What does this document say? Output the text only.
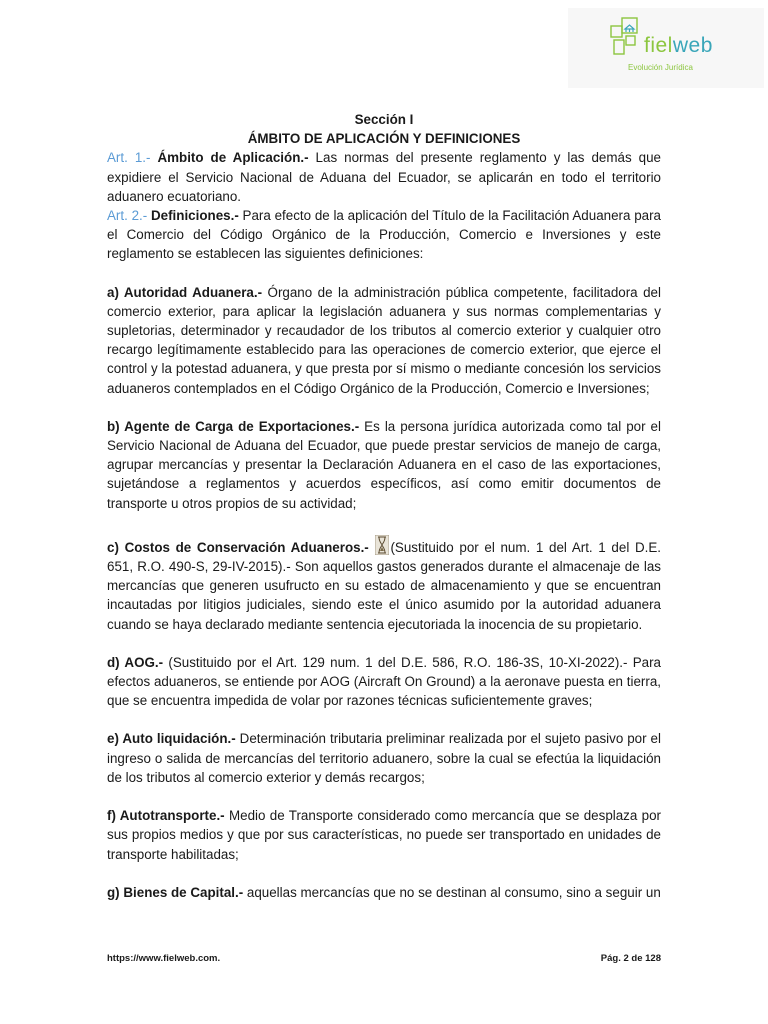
fielweb
Evolución Jurídica

Sección I

ÁMBITO DE APLICACIÓN Y DEFINICIONES

Art. 1.- Ámbito de Aplicación.- Las normas del presente reglamento y las demás que expidiere el Servicio Nacional de Aduana del Ecuador, se aplicarán en todo el territorio aduanero ecuatoriano.

Art. 2.- Definiciones.- Para efecto de la aplicación del Título de la Facilitación Aduanera para el Comercio del Código Orgánico de la Producción, Comercio e Inversiones y este reglamento se establecen las siguientes definiciones:

a) Autoridad Aduanera.- Órgano de la administración pública competente, facilitadora del comercio exterior, para aplicar la legislación aduanera y sus normas complementarias y supletorias, determinador y recaudador de los tributos al comercio exterior y cualquier otro recargo legítimamente establecido para las operaciones de comercio exterior, que ejerce el control y la potestad aduanera, y que presta por sí mismo o mediante concesión los servicios aduaneros contemplados en el Código Orgánico de la Producción, Comercio e Inversiones;

b) Agente de Carga de Exportaciones.- Es la persona jurídica autorizada como tal por el Servicio Nacional de Aduana del Ecuador, que puede prestar servicios de manejo de carga, agrupar mercancías y presentar la Declaración Aduanera en el caso de las exportaciones, sujetándose a reglamentos y acuerdos específicos, así como emitir documentos de transporte u otros propios de su actividad;

c) Costos de Conservación Aduaneros.- (Sustituido por el num. 1 del Art. 1 del D.E. 651, R.O. 490-S, 29-IV-2015).- Son aquellos gastos generados durante el almacenaje de las mercancías que generen usufructo en su estado de almacenamiento y que se encuentran incautadas por litigios judiciales, siendo este el único asumido por la autoridad aduanera cuando se haya declarado mediante sentencia ejecutoriada la inocencia de su propietario.

d) AOG.- (Sustituido por el Art. 129 num. 1 del D.E. 586, R.O. 186-3S, 10-XI-2022).- Para efectos aduaneros, se entiende por AOG (Aircraft On Ground) a la aeronave puesta en tierra, que se encuentra impedida de volar por razones técnicas suficientemente graves;

e) Auto liquidación.- Determinación tributaria preliminar realizada por el sujeto pasivo por el ingreso o salida de mercancías del territorio aduanero, sobre la cual se efectúa la liquidación de los tributos al comercio exterior y demás recargos;

f) Autotransporte.- Medio de Transporte considerado como mercancía que se desplaza por sus propios medios y que por sus características, no puede ser transportado en unidades de transporte habilitadas;

g) Bienes de Capital.- aquellas mercancías que no se destinan al consumo, sino a seguir un

https://www.fielweb.com.	Pág. 2 de 128
